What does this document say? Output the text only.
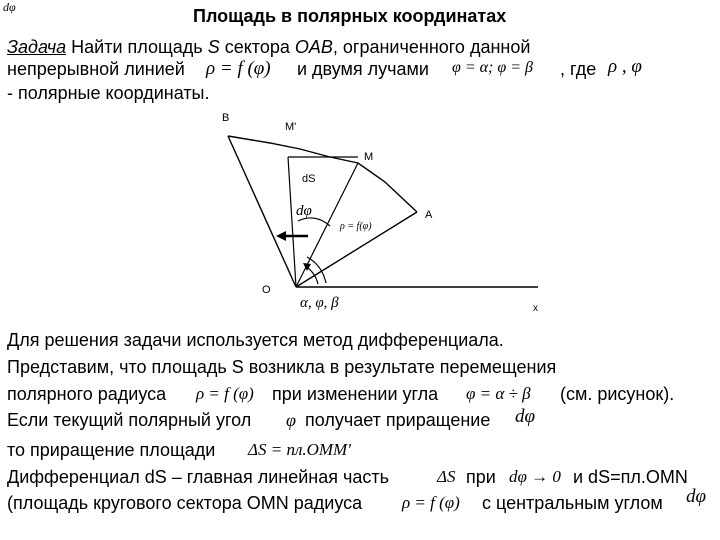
dφ	Площадь в полярных координатах
Задача Найти площадь S сектора OAB, ограниченного данной
непрерывной линией ρ = f (φ) и двумя лучами φ = α; φ = β , где ρ , φ
- полярные координаты.
B
M'
M
dS
A
O
x
dφ
ρ = f(φ)
α, φ, β
Для решения задачи используется метод дифференциала.
Представим, что площадь S возникла в результате перемещения
полярного радиуса ρ = f (φ) при изменении угла φ = α ÷ β (см. рисунок).
Если текущий полярный угол φ получает приращение dφ
то приращение площади ΔS = пл.OMM'
Дифференциал dS – главная линейная часть	ΔS при dφ → 0 и dS=пл.OMN
(площадь кругового сектора OMN радиуса ρ = f (φ) с центральным углом dφ
